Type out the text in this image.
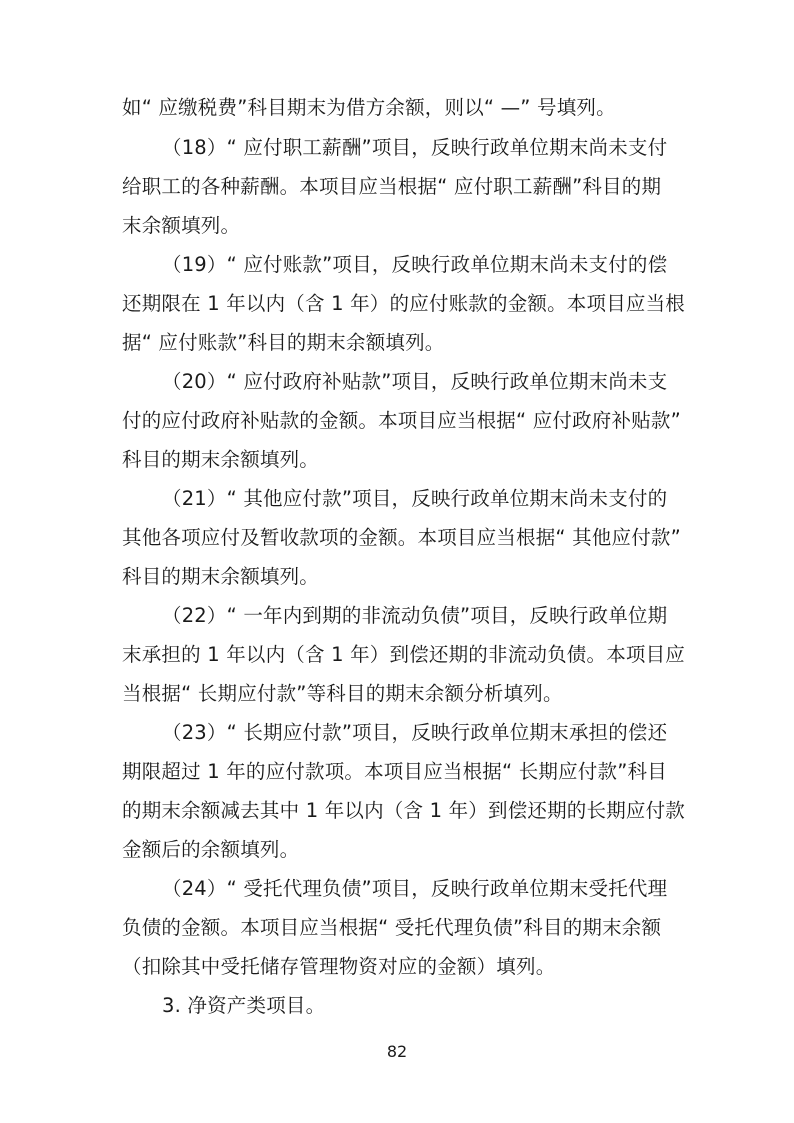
如“ 应缴税费”科目期末为借方余额，则以“ —” 号填列。
（18）“ 应付职工薪酬”项目，反映行政单位期末尚未支付
给职工的各种薪酬。本项目应当根据“ 应付职工薪酬”科目的期
末余额填列。
（19）“ 应付账款”项目，反映行政单位期末尚未支付的偿
还期限在 1 年以内（含 1 年）的应付账款的金额。本项目应当根
据“ 应付账款”科目的期末余额填列。
（20）“ 应付政府补贴款”项目，反映行政单位期末尚未支
付的应付政府补贴款的金额。本项目应当根据“ 应付政府补贴款”
科目的期末余额填列。
（21）“ 其他应付款”项目，反映行政单位期末尚未支付的
其他各项应付及暂收款项的金额。本项目应当根据“ 其他应付款”
科目的期末余额填列。
（22）“ 一年内到期的非流动负债”项目，反映行政单位期
末承担的 1 年以内（含 1 年）到偿还期的非流动负债。本项目应
当根据“ 长期应付款”等科目的期末余额分析填列。
（23）“ 长期应付款”项目，反映行政单位期末承担的偿还
期限超过 1 年的应付款项。本项目应当根据“ 长期应付款”科目
的期末余额减去其中 1 年以内（含 1 年）到偿还期的长期应付款
金额后的余额填列。
（24）“ 受托代理负债”项目，反映行政单位期末受托代理
负债的金额。本项目应当根据“ 受托代理负债”科目的期末余额
（扣除其中受托储存管理物资对应的金额）填列。
3. 净资产类项目。
82
